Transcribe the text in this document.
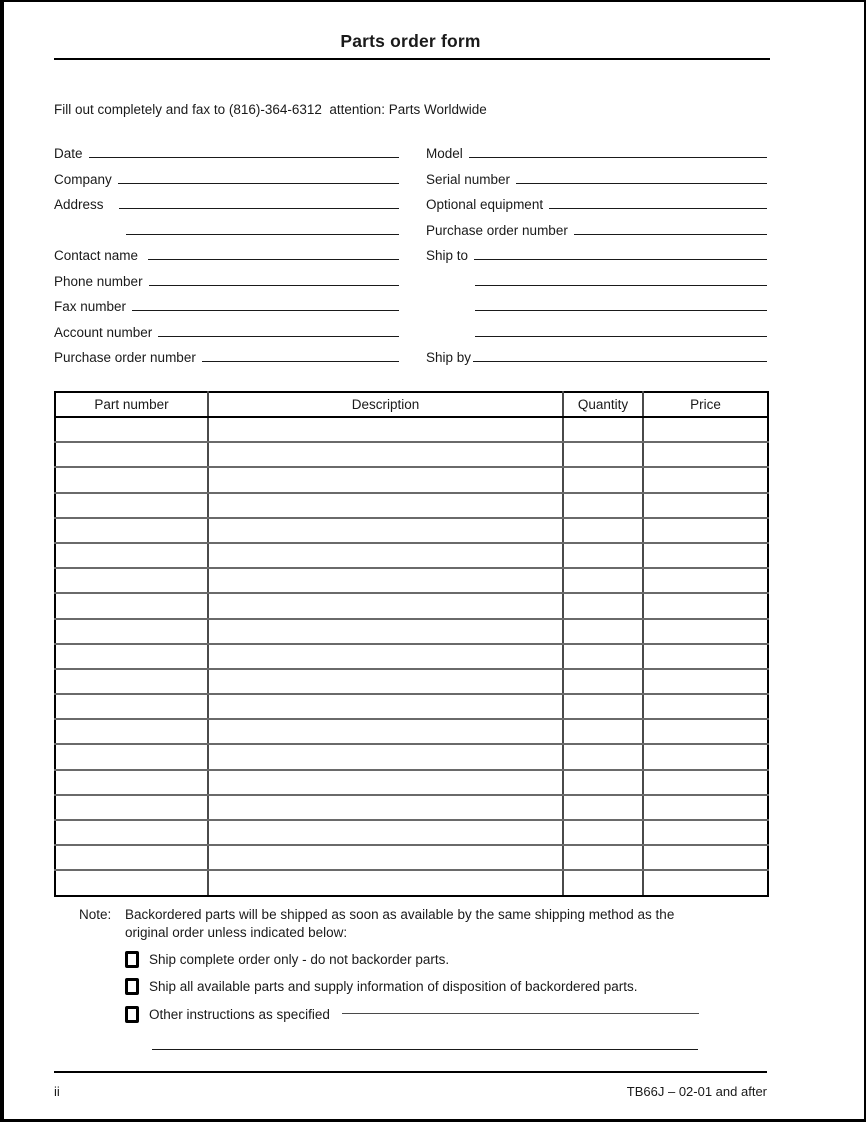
Parts order form

Fill out completely and fax to (816)-364-6312  attention: Parts Worldwide

Date
Company
Address
Contact name
Phone number
Fax number
Account number
Purchase order number
Model
Serial number
Optional equipment
Purchase order number
Ship to
Ship by
Part number	Description	Quantity	Price

Note:	Backordered parts will be shipped as soon as available by the same shipping method as the original order unless indicated below:
Ship complete order only - do not backorder parts.
Ship all available parts and supply information of disposition of backordered parts.
Other instructions as specified
ii	TB66J – 02-01 and after
